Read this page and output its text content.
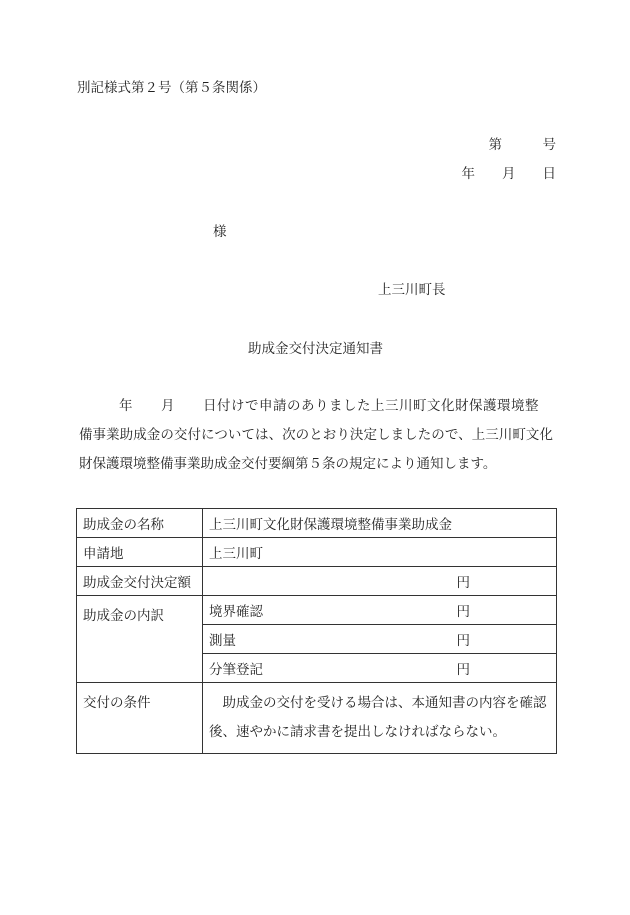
別記様式第２号（第５条関係）
第　　　号
年　　月　　日
様
上三川町長
助成金交付決定通知書
年　　月　　日付けで申請のありました上三川町文化財保護環境整
備事業助成金の交付については、次のとおり決定しましたので、上三川町文化
財保護環境整備事業助成金交付要綱第５条の規定により通知します。
助成金の名称	上三川町文化財保護環境整備事業助成金
申請地	上三川町
助成金交付決定額	円
助成金の内訳	境界確認 円

	測量 円

	分筆登記 円

交付の条件	助成金の交付を受ける場合は、本通知書の内容を確認
後、速やかに請求書を提出しなければならない。
